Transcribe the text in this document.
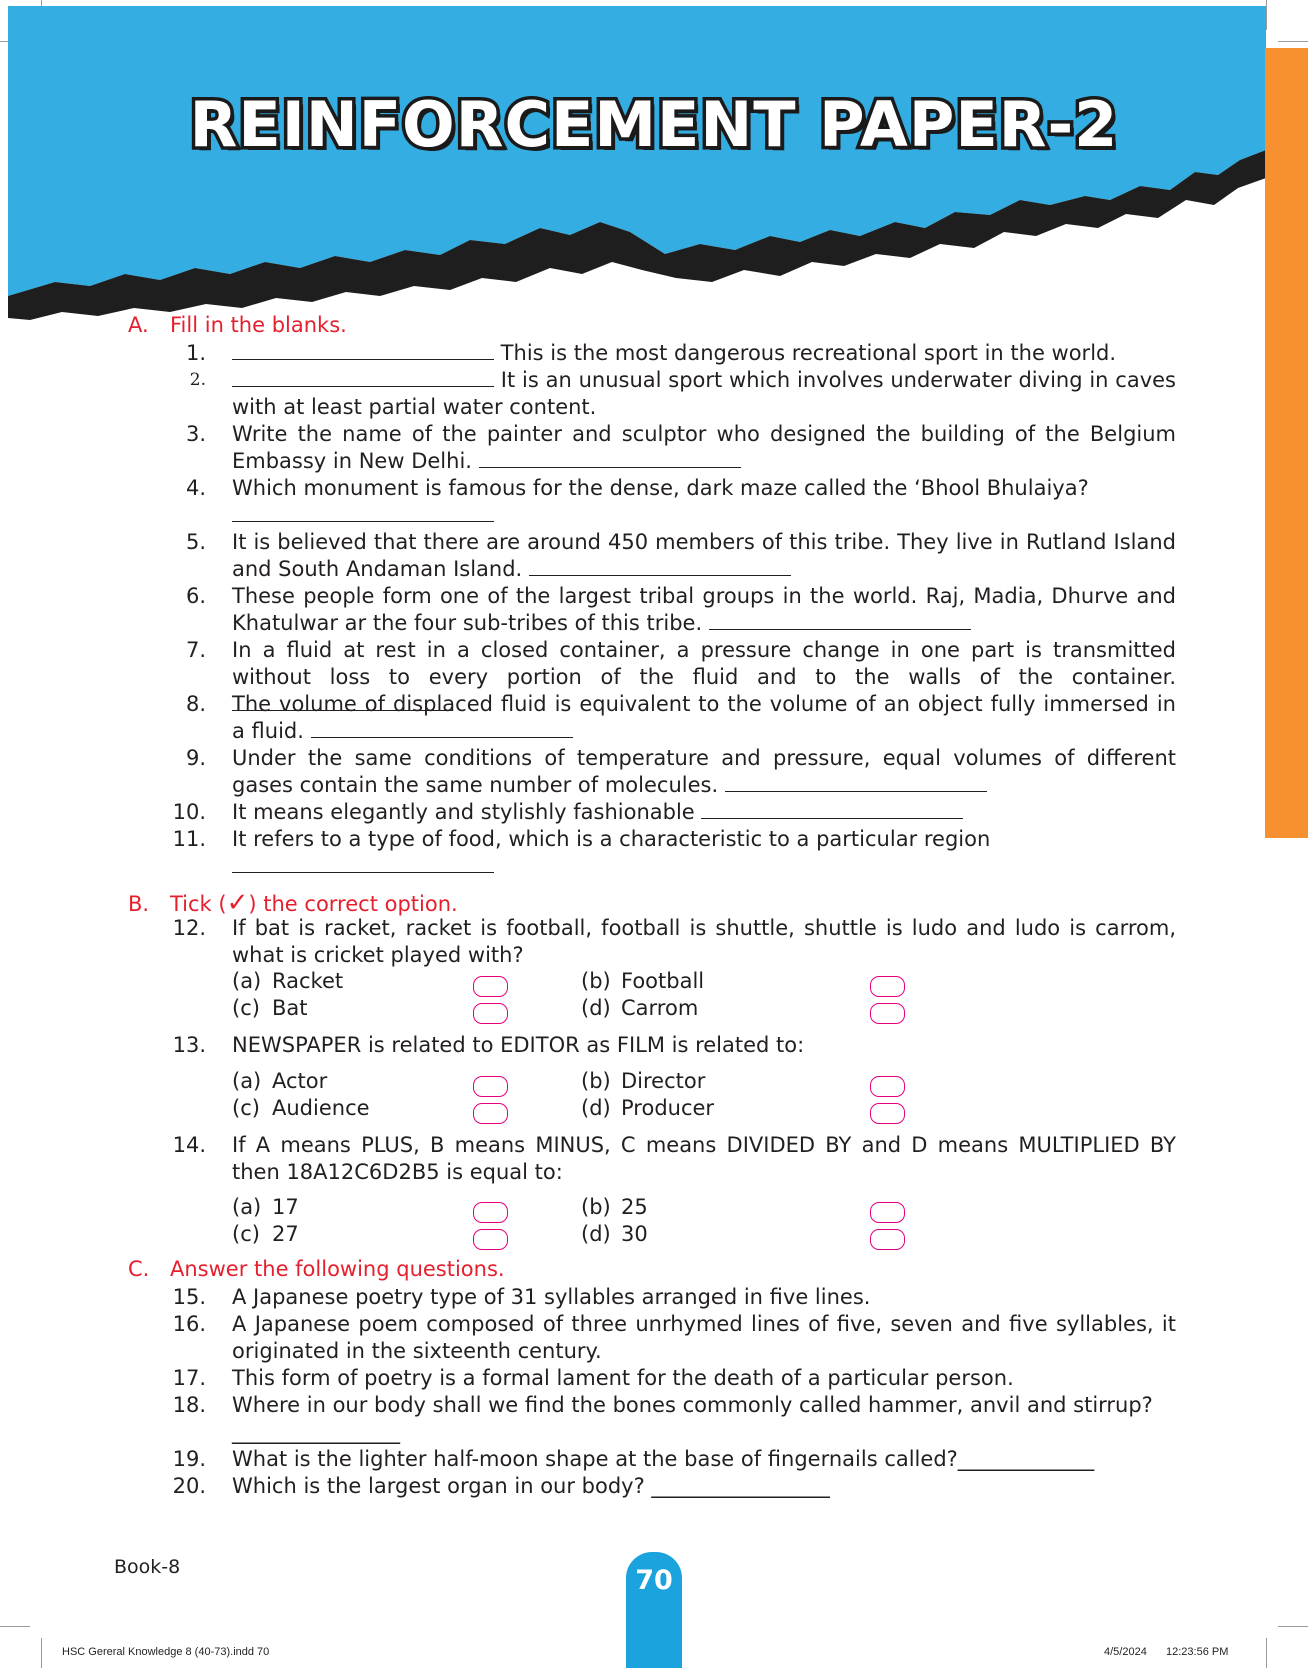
REINFORCEMENT PAPER-2
A. Fill in the blanks.
1.	This is the most dangerous recreational sport in the world.
2.	It is an unusual sport which involves underwater diving in caves with at least partial water content.
3. Write the name of the painter and sculptor who designed the building of the Belgium Embassy in New Delhi.
4. Which monument is famous for the dense, dark maze called the ‘Bhool Bhulaiya?

5. It is believed that there are around 450 members of this tribe. They live in Rutland Island and South Andaman Island.
6. These people form one of the largest tribal groups in the world. Raj, Madia, Dhurve and Khatulwar ar the four sub-tribes of this tribe.
7. In a fluid at rest in a closed container, a pressure change in one part is transmitted without loss to every portion of the fluid and to the walls of the container.
8. The volume of displaced fluid is equivalent to the volume of an object fully immersed in a fluid.
9. Under the same conditions of temperature and pressure, equal volumes of different gases contain the same number of molecules.
10. It means elegantly and stylishly fashionable
11. It refers to a type of food, which is a characteristic to a particular region

B. Tick (✓) the correct option.
12. If bat is racket, racket is football, football is shuttle, shuttle is ludo and ludo is carrom, what is cricket played with?
(a) Racket	(b) Football
(c) Bat	(d) Carrom
13. NEWSPAPER is related to EDITOR as FILM is related to:
(a) Actor	(b) Director
(c) Audience	(d) Producer
14. If A means PLUS, B means MINUS, C means DIVIDED BY and D means MULTIPLIED BY then 18A12C6D2B5 is equal to:
(a) 17	(b) 25
(c) 27	(d) 30
C. Answer the following questions.
15. A Japanese poetry type of 31 syllables arranged in five lines.
16. A Japanese poem composed of three unrhymed lines of five, seven and five syllables, it originated in the sixteenth century.
17. This form of poetry is a formal lament for the death of a particular person.
18. Where in our body shall we find the bones commonly called hammer, anvil and stirrup?
________________
19. What is the lighter half-moon shape at the base of fingernails called?_____________
20. Which is the largest organ in our body? _________________
Book-8	70
HSC Gereral Knowledge 8 (40-73).indd 70	4/5/2024 12:23:56 PM
